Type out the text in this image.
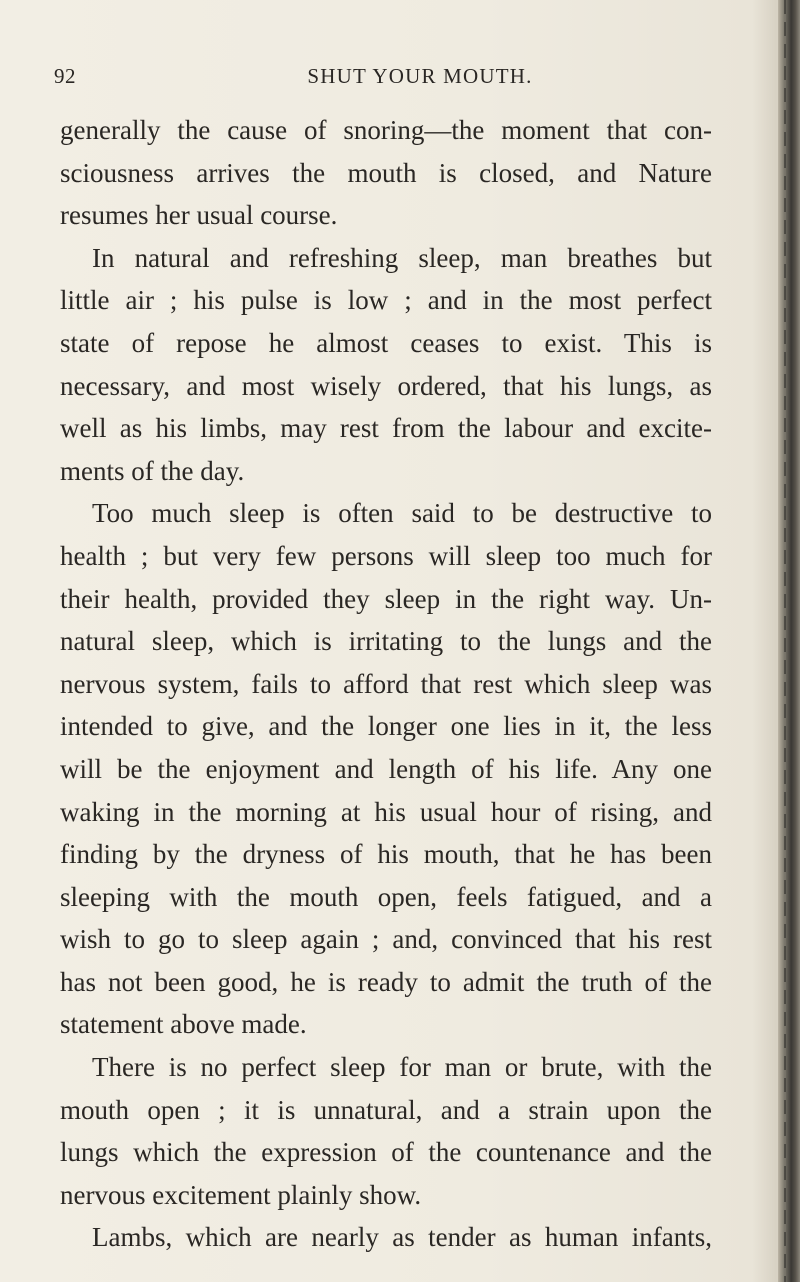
92	SHUT YOUR MOUTH.
generally the cause of snoring—the moment that con-
sciousness arrives the mouth is closed, and Nature
resumes her usual course.
In natural and refreshing sleep, man breathes but
little air ; his pulse is low ; and in the most perfect
state of repose he almost ceases to exist. This is
necessary, and most wisely ordered, that his lungs, as
well as his limbs, may rest from the labour and excite-
ments of the day.
Too much sleep is often said to be destructive to
health ; but very few persons will sleep too much for
their health, provided they sleep in the right way. Un-
natural sleep, which is irritating to the lungs and the
nervous system, fails to afford that rest which sleep was
intended to give, and the longer one lies in it, the less
will be the enjoyment and length of his life. Any one
waking in the morning at his usual hour of rising, and
finding by the dryness of his mouth, that he has been
sleeping with the mouth open, feels fatigued, and a
wish to go to sleep again ; and, convinced that his rest
has not been good, he is ready to admit the truth of the
statement above made.
There is no perfect sleep for man or brute, with the
mouth open ; it is unnatural, and a strain upon the
lungs which the expression of the countenance and the
nervous excitement plainly show.
Lambs, which are nearly as tender as human infants,
